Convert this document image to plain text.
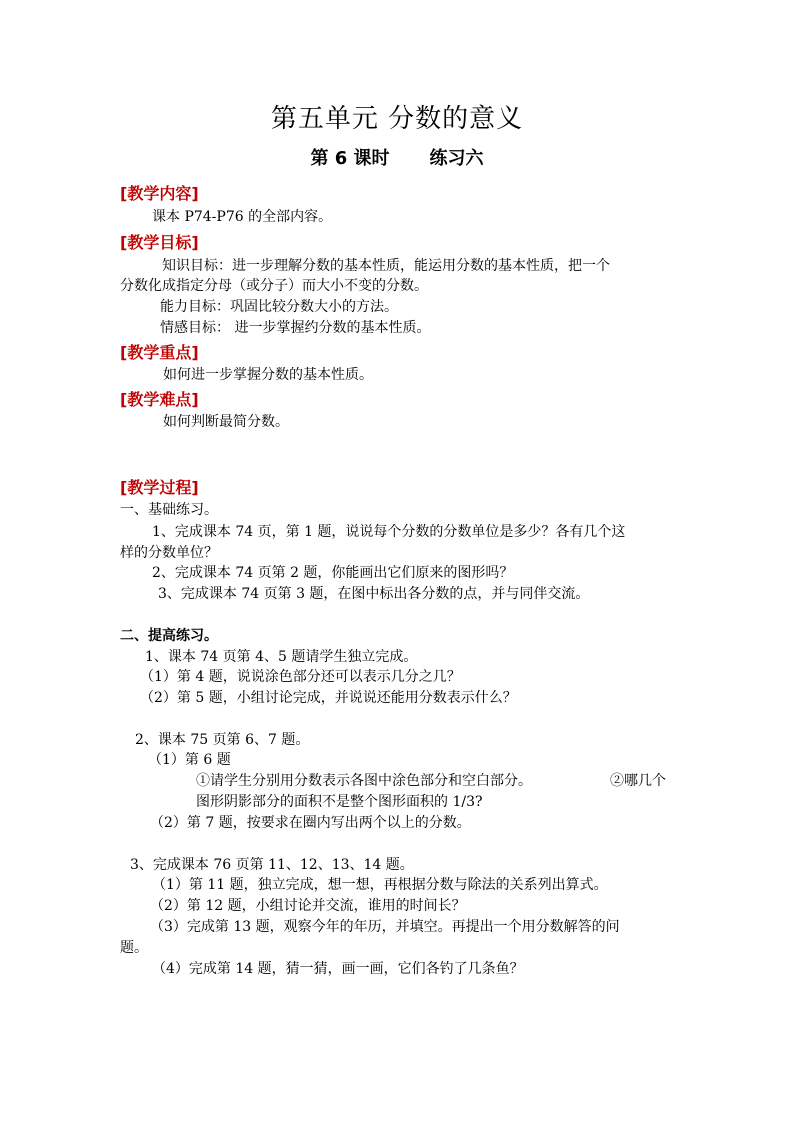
第五单元 分数的意义
第 6 课时 练习六
[教学内容]
课本 P74-P76 的全部内容。
[教学目标]
知识目标：进一步理解分数的基本性质，能运用分数的基本性质，把一个
分数化成指定分母（或分子）而大小不变的分数。
能力目标：巩固比较分数大小的方法。
情感目标： 进一步掌握约分数的基本性质。
[教学重点]
如何进一步掌握分数的基本性质。
[教学难点]
如何判断最简分数。
[教学过程]
一、基础练习。
1、完成课本 74 页，第 1 题，说说每个分数的分数单位是多少？各有几个这
样的分数单位？
2、完成课本 74 页第 2 题，你能画出它们原来的图形吗？
3、完成课本 74 页第 3 题，在图中标出各分数的点，并与同伴交流。
二、提高练习。
1、课本 74 页第 4、5 题请学生独立完成。
（1）第 4 题，说说涂色部分还可以表示几分之几？
（2）第 5 题，小组讨论完成，并说说还能用分数表示什么？
2、课本 75 页第 6、7 题。
（1）第 6 题
①请学生分别用分数表示各图中涂色部分和空白部分。	②哪几个
图形阴影部分的面积不是整个图形面积的 1/3?
（2）第 7 题，按要求在圈内写出两个以上的分数。
3、完成课本 76 页第 11、12、13、14 题。
（1）第 11 题，独立完成，想一想，再根据分数与除法的关系列出算式。
（2）第 12 题，小组讨论并交流，谁用的时间长？
（3）完成第 13 题，观察今年的年历，并填空。再提出一个用分数解答的问
题。
（4）完成第 14 题，猜一猜，画一画，它们各钓了几条鱼？
